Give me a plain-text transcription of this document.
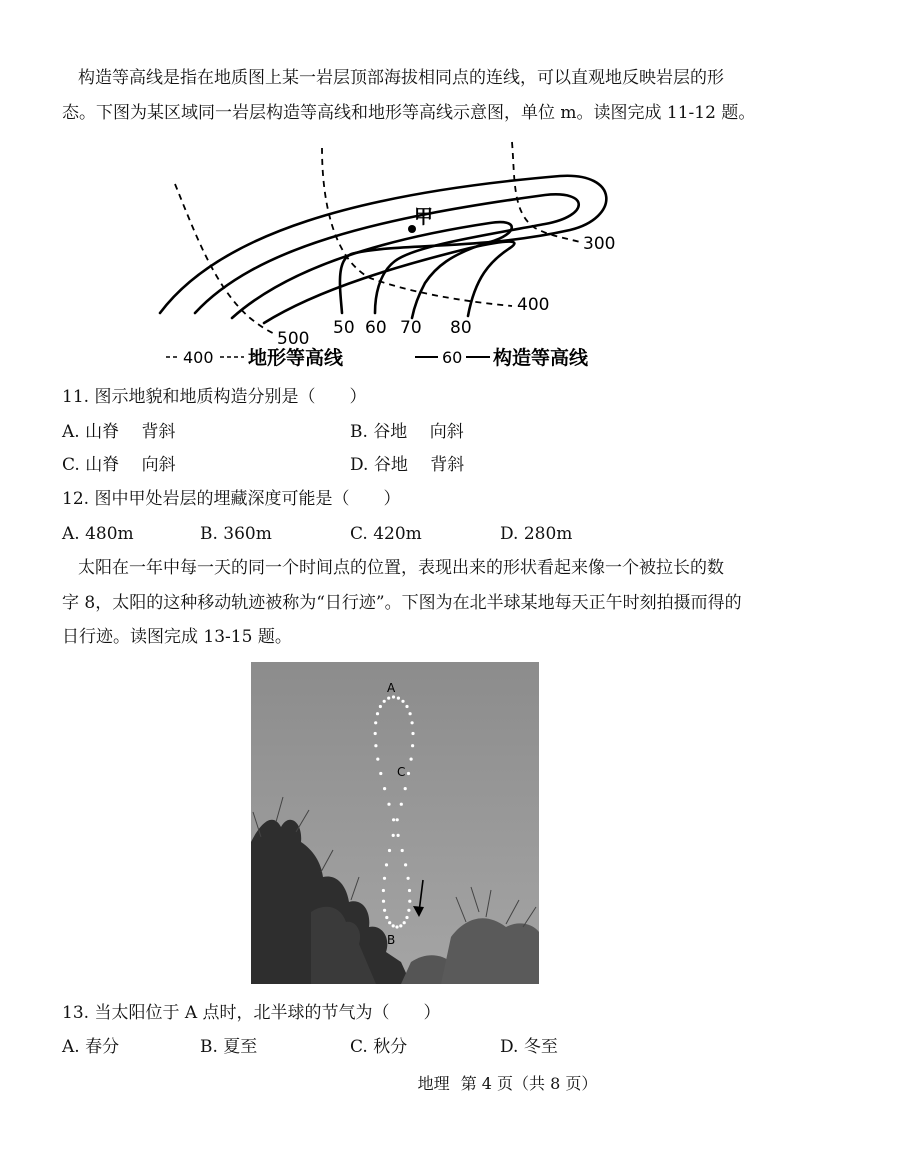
构造等高线是指在地质图上某一岩层顶部海拔相同点的连线，可以直观地反映岩层的形
态。下图为某区域同一岩层构造等高线和地形等高线示意图，单位 m。读图完成 11-12 题。
甲
300
400
500
50 60 70 80
400 地形等高线	60 构造等高线
11. 图示地貌和地质构造分别是（　　）
A. 山脊　 背斜	B. 谷地　 向斜
C. 山脊　 向斜	D. 谷地　 背斜
12. 图中甲处岩层的埋藏深度可能是（　　）
A. 480m	B. 360m	C. 420m	D. 280m
太阳在一年中每一天的同一个时间点的位置，表现出来的形状看起来像一个被拉长的数
字 8，太阳的这种移动轨迹被称为“日行迹”。下图为在北半球某地每天正午时刻拍摄而得的
日行迹。读图完成 13-15 题。
A
C
B
13. 当太阳位于 A 点时，北半球的节气为（　　）
A. 春分	B. 夏至	C. 秋分	D. 冬至
地理 第 4 页（共 8 页）
